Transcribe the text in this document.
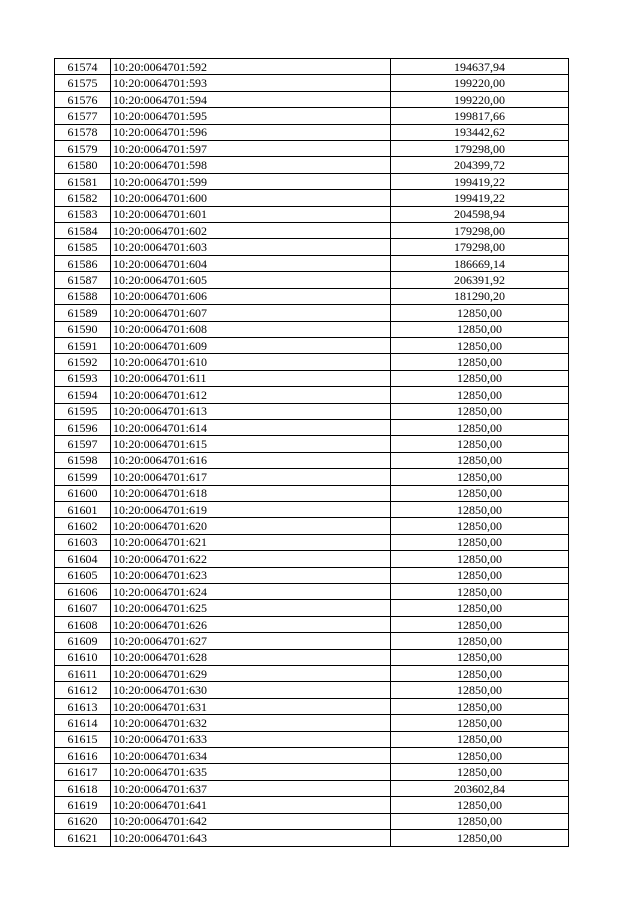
61574	10:20:0064701:592	194637,94
61575	10:20:0064701:593	199220,00
61576	10:20:0064701:594	199220,00
61577	10:20:0064701:595	199817,66
61578	10:20:0064701:596	193442,62
61579	10:20:0064701:597	179298,00
61580	10:20:0064701:598	204399,72
61581	10:20:0064701:599	199419,22
61582	10:20:0064701:600	199419,22
61583	10:20:0064701:601	204598,94
61584	10:20:0064701:602	179298,00
61585	10:20:0064701:603	179298,00
61586	10:20:0064701:604	186669,14
61587	10:20:0064701:605	206391,92
61588	10:20:0064701:606	181290,20
61589	10:20:0064701:607	12850,00
61590	10:20:0064701:608	12850,00
61591	10:20:0064701:609	12850,00
61592	10:20:0064701:610	12850,00
61593	10:20:0064701:611	12850,00
61594	10:20:0064701:612	12850,00
61595	10:20:0064701:613	12850,00
61596	10:20:0064701:614	12850,00
61597	10:20:0064701:615	12850,00
61598	10:20:0064701:616	12850,00
61599	10:20:0064701:617	12850,00
61600	10:20:0064701:618	12850,00
61601	10:20:0064701:619	12850,00
61602	10:20:0064701:620	12850,00
61603	10:20:0064701:621	12850,00
61604	10:20:0064701:622	12850,00
61605	10:20:0064701:623	12850,00
61606	10:20:0064701:624	12850,00
61607	10:20:0064701:625	12850,00
61608	10:20:0064701:626	12850,00
61609	10:20:0064701:627	12850,00
61610	10:20:0064701:628	12850,00
61611	10:20:0064701:629	12850,00
61612	10:20:0064701:630	12850,00
61613	10:20:0064701:631	12850,00
61614	10:20:0064701:632	12850,00
61615	10:20:0064701:633	12850,00
61616	10:20:0064701:634	12850,00
61617	10:20:0064701:635	12850,00
61618	10:20:0064701:637	203602,84
61619	10:20:0064701:641	12850,00
61620	10:20:0064701:642	12850,00
61621	10:20:0064701:643	12850,00
